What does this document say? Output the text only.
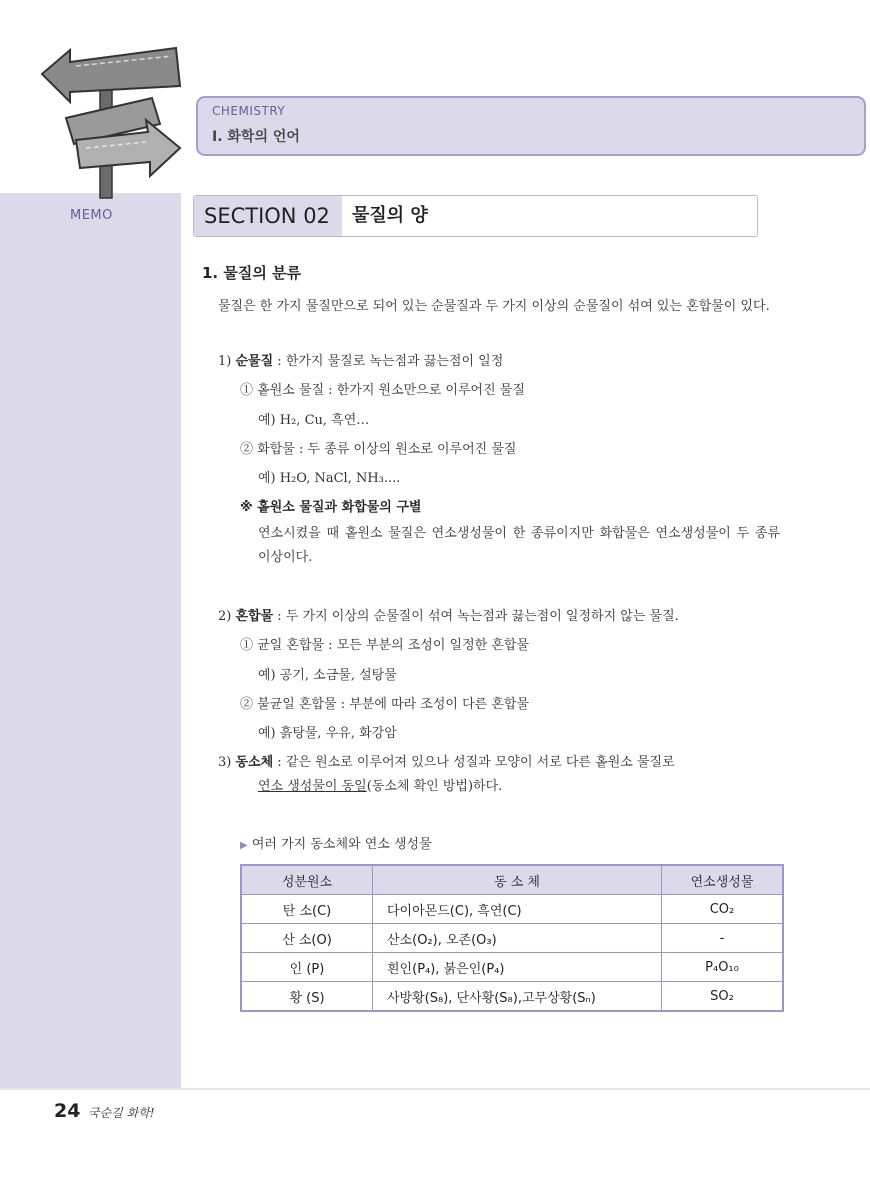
MEMO
CHEMISTRY
Ⅰ. 화학의 언어
SECTION 02	물질의 양
1. 물질의 분류
물질은 한 가지 물질만으로 되어 있는 순물질과 두 가지 이상의 순물질이 섞여 있는 혼합물이 있다.
1) 순물질 : 한가지 물질로 녹는점과 끓는점이 일정
① 홑원소 물질 : 한가지 원소만으로 이루어진 물질
예) H₂, Cu, 흑연…
② 화합물 : 두 종류 이상의 원소로 이루어진 물질
예) H₂O, NaCl, NH₃....
※ 홑원소 물질과 화합물의 구별
연소시켰을 때 홑원소 물질은 연소생성물이 한 종류이지만 화합물은 연소생성물이 두 종류 이상이다.
2) 혼합물 : 두 가지 이상의 순물질이 섞여 녹는점과 끓는점이 일정하지 않는 물질.
① 균일 혼합물 : 모든 부분의 조성이 일정한 혼합물
예) 공기, 소금물, 설탕물
② 불균일 혼합물 : 부분에 따라 조성이 다른 혼합물
예) 흙탕물, 우유, 화강암
3) 동소체 : 같은 원소로 이루어져 있으나 성질과 모양이 서로 다른 홑원소 물질로
연소 생성물이 동일(동소체 확인 방법)하다.
▶ 여러 가지 동소체와 연소 생성물
성분원소	동 소 체	연소생성물
탄 소(C)	다이아몬드(C), 흑연(C)	CO₂
산 소(O)	산소(O₂), 오존(O₃)	-
인 (P)	흰인(P₄), 붉은인(P₄)	P₄O₁₀
황 (S)	사방황(S₈), 단사황(S₈),고무상황(Sₙ)	SO₂
24 국순길 화학!
